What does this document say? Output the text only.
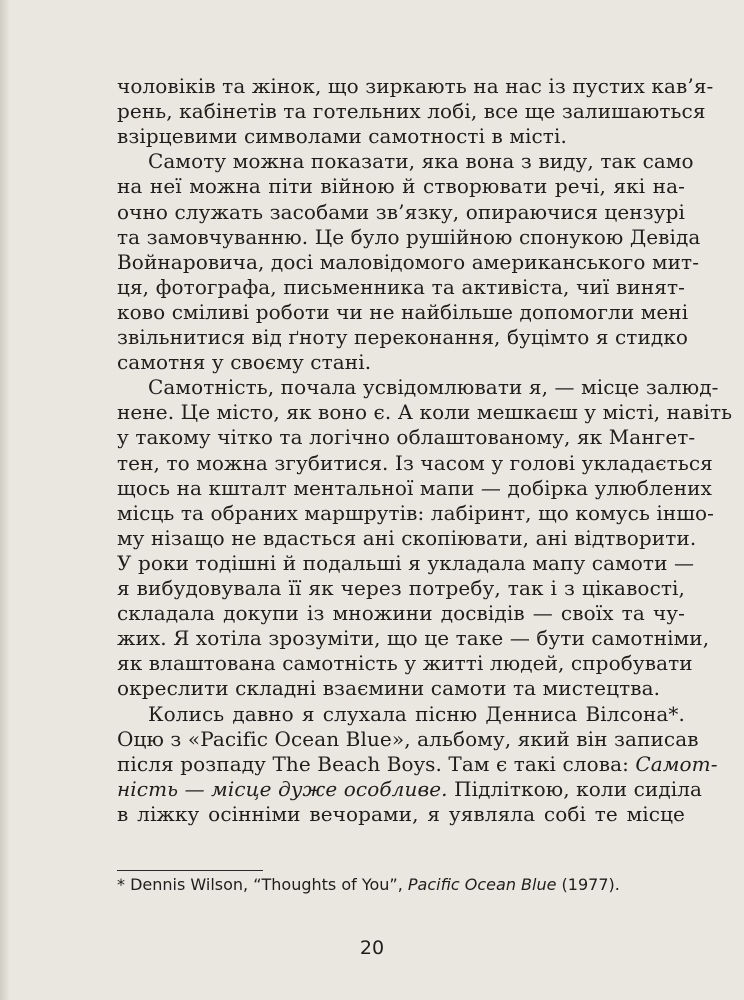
чоловіків та жінок, що зиркають на нас із пустих кав’я-
рень, кабінетів та готельних лобі, все ще залишаються
взірцевими символами самотності в місті.
Самоту можна показати, яка вона з виду, так само
на неї можна піти війною й створювати речі, які на-
очно служать засобами зв’язку, опираючися цензурі
та замовчуванню. Це було рушійною спонукою Девіда
Войнаровича, досі маловідомого американського мит-
ця, фотографа, письменника та активіста, чиї винят-
ково сміливі роботи чи не найбільше допомогли мені
звільнитися від ґноту переконання, буцімто я стидко
самотня у своєму стані.
Самотність, почала усвідомлювати я, — місце залюд-
нене. Це місто, як воно є. А коли мешкаєш у місті, навіть
у такому чітко та логічно облаштованому, як Мангет-
тен, то можна згубитися. Із часом у голові укладається
щось на кшталт ментальної мапи — добірка улюблених
місць та обраних маршрутів: лабіринт, що комусь іншо-
му нізащо не вдасться ані скопіювати, ані відтворити.
У роки тодішні й подальші я укладала мапу самоти —
я вибудовувала її як через потребу, так і з цікавості,
складала докупи із множини досвідів — своїх та чу-
жих. Я хотіла зрозуміти, що це таке — бути самотніми,
як влаштована самотність у житті людей, спробувати
окреслити складні взаємини самоти та мистецтва.
Колись давно я слухала пісню Денниса Вілсона*.
Оцю з «Pacific Ocean Blue», альбому, який він записав
після розпаду The Beach Boys. Там є такі слова: Самот-
ність — місце дуже особливе. Підліткою, коли сиділа
в ліжку осінніми вечорами, я уявляла собі те місце
* Dennis Wilson, “Thoughts of You”, Pacific Ocean Blue (1977).
20
